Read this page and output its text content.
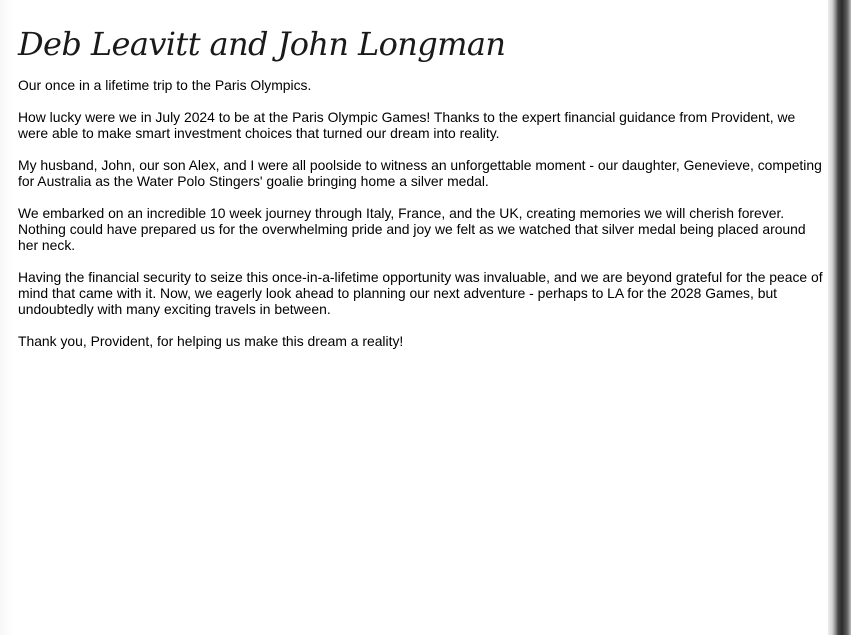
Deb Leavitt and John Longman

Our once in a lifetime trip to the Paris Olympics.

How lucky were we in July 2024 to be at the Paris Olympic Games! Thanks to the expert financial guidance from Provident, we were able to make smart investment choices that turned our dream into reality.

My husband, John, our son Alex, and I were all poolside to witness an unforgettable moment - our daughter, Genevieve, competing for Australia as the Water Polo Stingers' goalie bringing home a silver medal.

We embarked on an incredible 10 week journey through Italy, France, and the UK, creating memories we will cherish forever. Nothing could have prepared us for the overwhelming pride and joy we felt as we watched that silver medal being placed around her neck.

Having the financial security to seize this once-in-a-lifetime opportunity was invaluable, and we are beyond grateful for the peace of mind that came with it. Now, we eagerly look ahead to planning our next adventure - perhaps to LA for the 2028 Games, but undoubtedly with many exciting travels in between.

Thank you, Provident, for helping us make this dream a reality!
